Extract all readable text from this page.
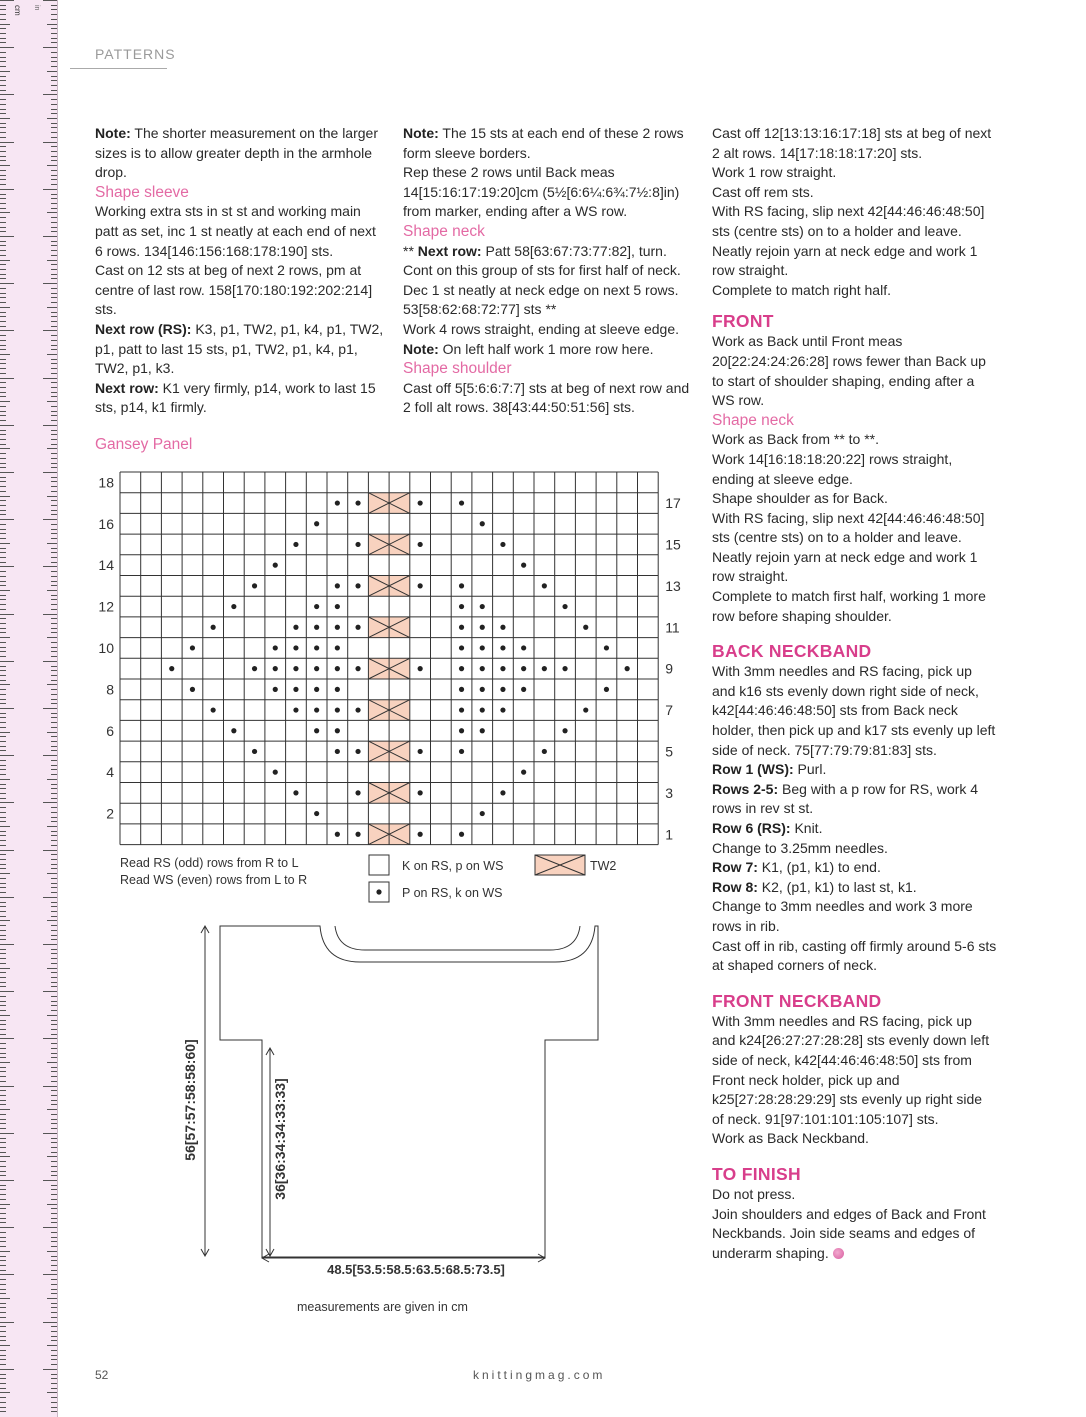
cm in
PATTERNS

Note: The shorter measurement on the larger sizes is to allow greater depth in the armhole drop.

Shape sleeve

Working extra sts in st st and working main patt as set, inc 1 st neatly at each end of next 6 rows. 134[146:156:168:178:190] sts.

Cast on 12 sts at beg of next 2 rows, pm at centre of last row. 158[170:180:192:202:214] sts.

Next row (RS): K3, p1, TW2, p1, k4, p1, TW2, p1, patt to last 15 sts, p1, TW2, p1, k4, p1, TW2, p1, k3.

Next row: K1 very firmly, p14, work to last 15 sts, p14, k1 firmly.

Note: The 15 sts at each end of these 2 rows form sleeve borders.

Rep these 2 rows until Back meas 14[15:16:17:19:20]cm (5½[6:6¼:6¾:7½:8]in) from marker, ending after a WS row.

Shape neck

** Next row: Patt 58[63:67:73:77:82], turn.

Cont on this group of sts for first half of neck.

Dec 1 st neatly at neck edge on next 5 rows. 53[58:62:68:72:77] sts **

Work 4 rows straight, ending at sleeve edge.

Note: On left half work 1 more row here.

Shape shoulder

Cast off 5[5:6:6:7:7] sts at beg of next row and 2 foll alt rows. 38[43:44:50:51:56] sts.

Cast off 12[13:13:16:17:18] sts at beg of next 2 alt rows. 14[17:18:18:17:20] sts.

Work 1 row straight.

Cast off rem sts.

With RS facing, slip next 42[44:46:46:48:50] sts (centre sts) on to a holder and leave.

Neatly rejoin yarn at neck edge and work 1 row straight.

Complete to match right half.

FRONT

Work as Back until Front meas 20[22:24:24:26:28] rows fewer than Back up to start of shoulder shaping, ending after a WS row.

Shape neck

Work as Back from ** to **.

Work 14[16:18:18:20:22] rows straight, ending at sleeve edge.

Shape shoulder as for Back.

With RS facing, slip next 42[44:46:46:48:50] sts (centre sts) on to a holder and leave.

Neatly rejoin yarn at neck edge and work 1 row straight.

Complete to match first half, working 1 more row before shaping shoulder.

BACK NECKBAND

With 3mm needles and RS facing, pick up and k16 sts evenly down right side of neck, k42[44:46:46:48:50] sts from Back neck holder, then pick up and k17 sts evenly up left side of neck. 75[77:79:79:81:83] sts.

Row 1 (WS): Purl.

Rows 2-5: Beg with a p row for RS, work 4 rows in rev st st.

Row 6 (RS): Knit.

Change to 3.25mm needles.

Row 7: K1, (p1, k1) to end.

Row 8: K2, (p1, k1) to last st, k1.

Change to 3mm needles and work 3 more rows in rib.

Cast off in rib, casting off firmly around 5-6 sts at shaped corners of neck.

FRONT NECKBAND

With 3mm needles and RS facing, pick up and k24[26:27:27:28:28] sts evenly down left side of neck, k42[44:46:46:48:50] sts from Front neck holder, pick up and k25[27:28:28:29:29] sts evenly up right side of neck. 91[97:101:101:105:107] sts.

Work as Back Neckband.

TO FINISH

Do not press.

Join shoulders and edges of Back and Front Neckbands. Join side seams and edges of underarm shaping.

Gansey Panel

18
16
14
12
10
8
6
4
2
17
15
13
11
9
7
5
3
1
56[57:57:58:58:60]	36[36:34:34:33:33]
48.5[53.5:58.5:63.5:68.5:73.5]
Read RS (odd) rows from R to L
Read WS (even) rows from L to R
K on RS, p on WS
P on RS, k on WS
TW2
measurements are given in cm
52	knittingmag.com
